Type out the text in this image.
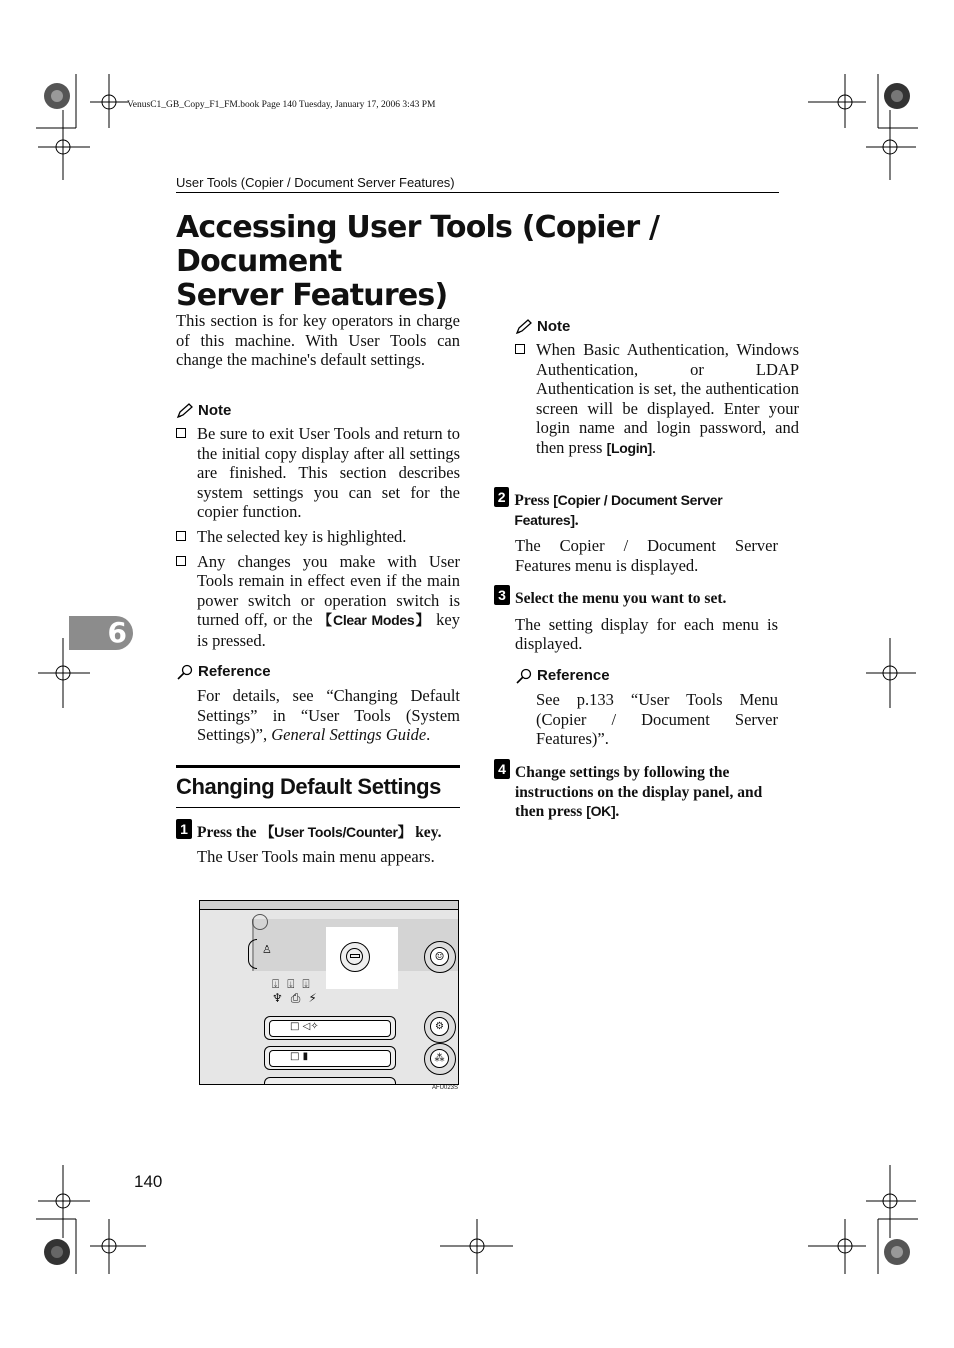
VenusC1_GB_Copy_F1_FM.book Page 140 Tuesday, January 17, 2006 3:43 PM
User Tools (Copier / Document Server Features)
Accessing User Tools (Copier / Document
Server Features)
6
This section is for key operators in charge of this machine. With User Tools can change the machine's default settings.
Note
Be sure to exit User Tools and return to the initial copy display after all settings are finished. This section describes system settings you can set for the copier function.
The selected key is highlighted.
Any changes you make with User Tools remain in effect even if the main power switch or operation switch is turned off, or the 【Clear Modes】 key is pressed.
Reference
For details, see “Changing Default Settings” in “User Tools (System Settings)”, General Settings Guide.
Changing Default Settings
1 Press the 【User Tools/Counter】 key.
The User Tools main menu appears.
♙
⍗⍗⍗
♆⎙⚡
☺
⚙
⁂
□ ◁✧
□ ▮
AFU023S
Note
When Basic Authentication, Windows Authentication, or LDAP Authentication is set, the authentication screen will be displayed. Enter your login name and login password, and then press [Login].
2 Press [Copier / Document Server Features].
The Copier / Document Server Features menu is displayed.
3 Select the menu you want to set.
The setting display for each menu is displayed.
Reference
See p.133 “User Tools Menu (Copier / Document Server Features)”.
4 Change settings by following the instructions on the display panel, and then press [OK].
140
